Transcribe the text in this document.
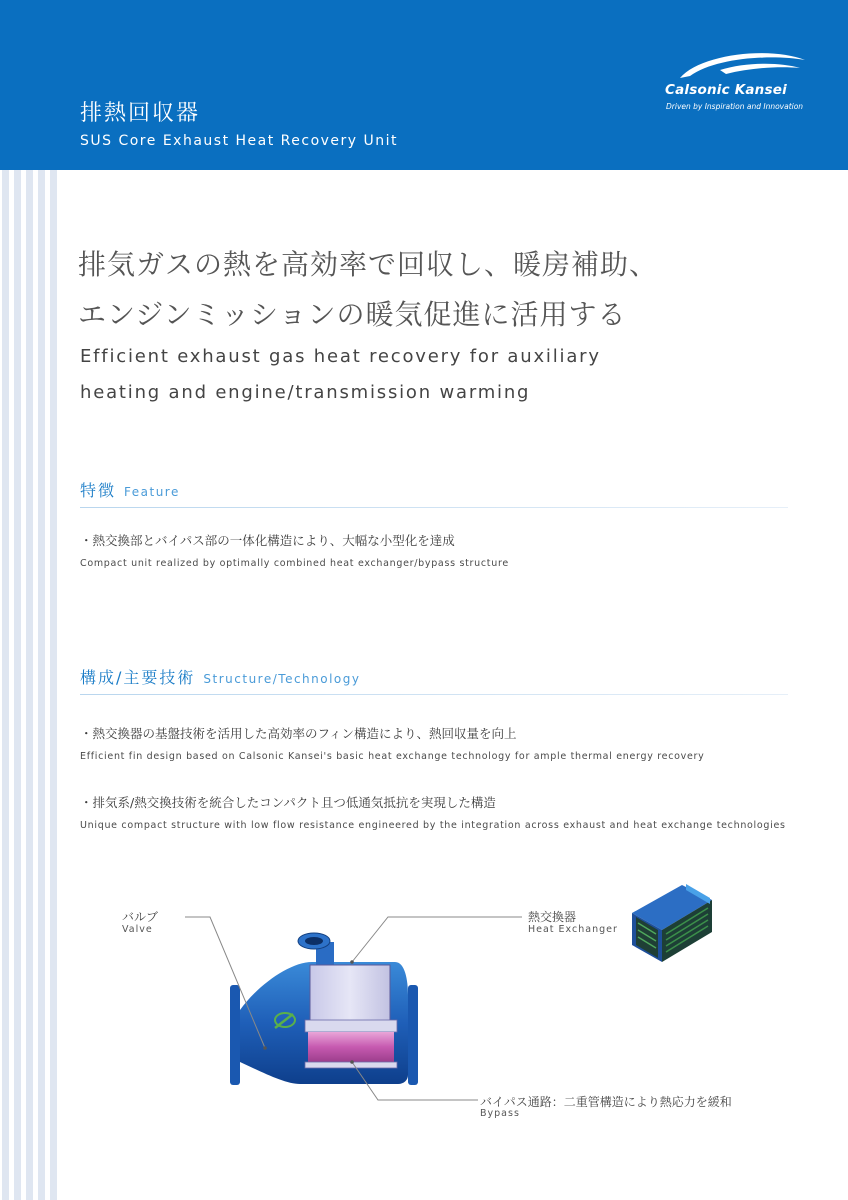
排熱回収器
SUS Core Exhaust Heat Recovery Unit
Calsonic Kansei
Driven by Inspiration and Innovation
排気ガスの熱を高効率で回収し、暖房補助、
エンジンミッションの暖気促進に活用する
Efficient exhaust gas heat recovery for auxiliary
heating and engine/transmission warming
特徴 Feature
・熱交換部とバイパス部の一体化構造により、大幅な小型化を達成
Compact unit realized by optimally combined heat exchanger/bypass structure
構成/主要技術 Structure/Technology
・熱交換器の基盤技術を活用した高効率のフィン構造により、熱回収量を向上
Efficient fin design based on Calsonic Kansei's basic heat exchange technology for ample thermal energy recovery
・排気系/熱交換技術を統合したコンパクト且つ低通気抵抗を実現した構造
Unique compact structure with low flow resistance engineered by the integration across exhaust and heat exchange technologies
バルブ
Valve
熱交換器
Heat Exchanger
バイパス通路：二重管構造により熱応力を緩和
Bypass
